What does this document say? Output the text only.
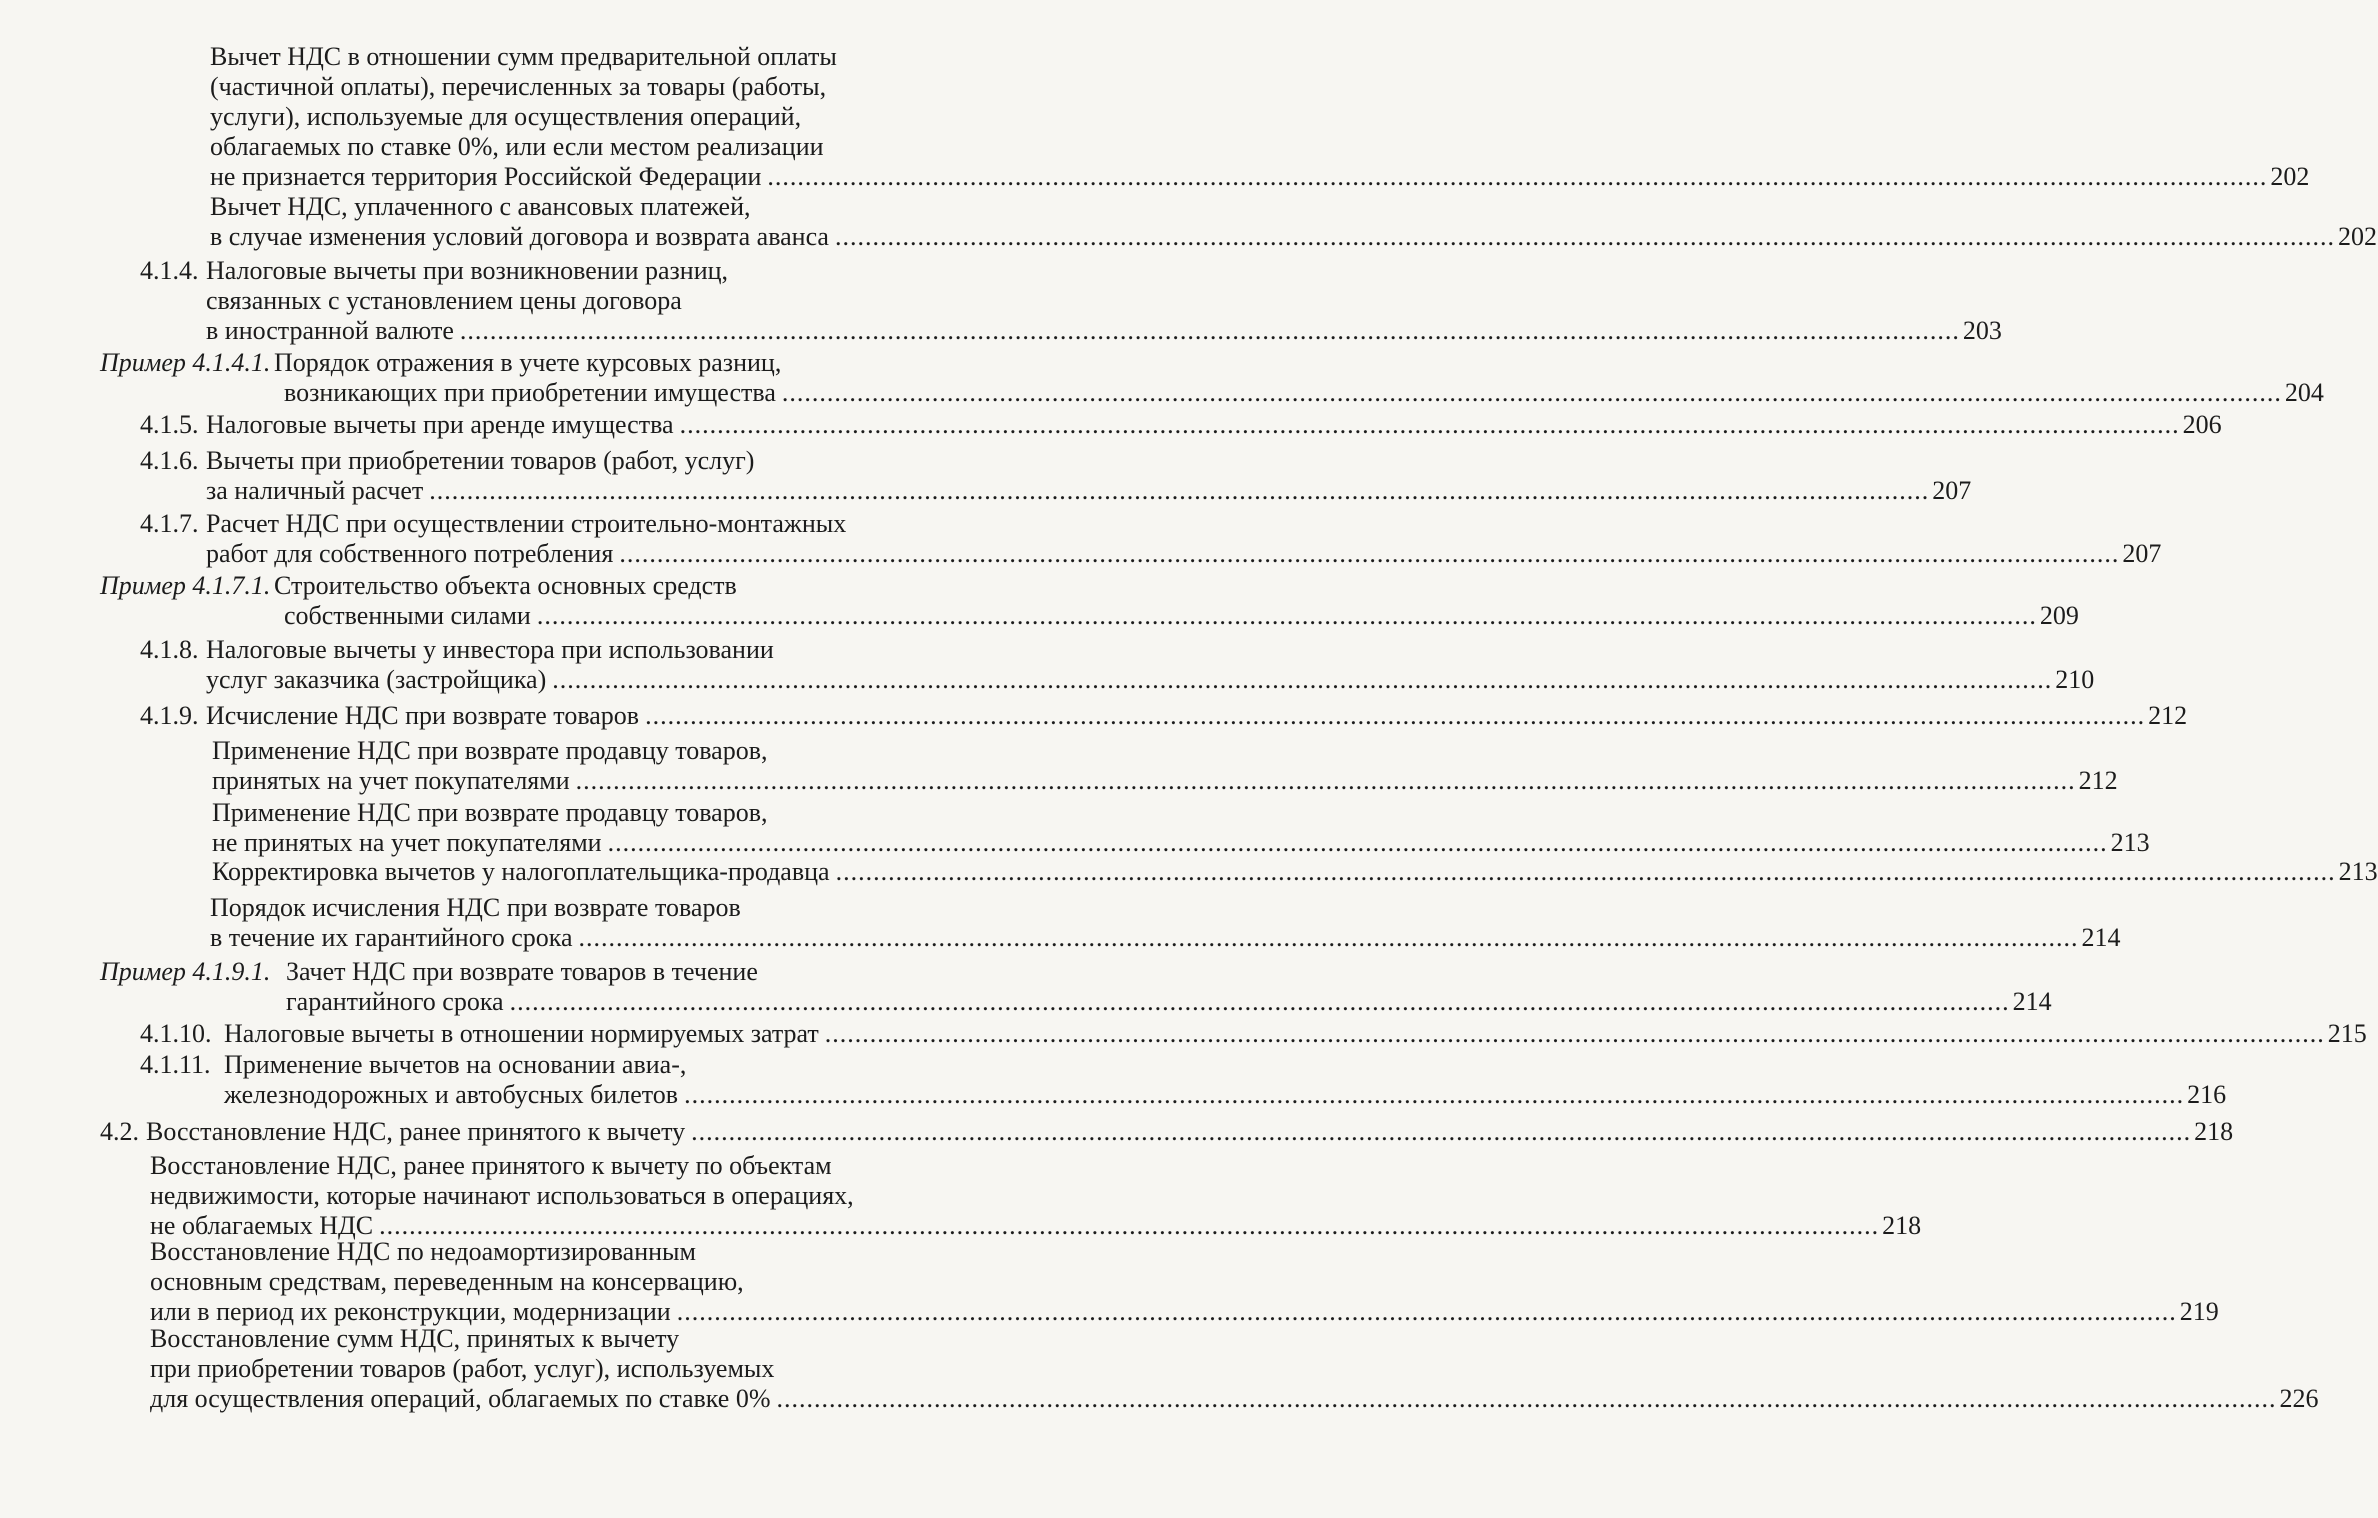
Вычет НДС в отношении сумм предварительной оплаты
(частичной оплаты), перечисленных за товары (работы,
услуги), используемые для осуществления операций,
облагаемых по ставке 0%, или если местом реализации
не признается территория Российской Федерации ........................................................................................................................................................................................................ 202
Вычет НДС, уплаченного с авансовых платежей,
в случае изменения условий договора и возврата аванса ........................................................................................................................................................................................................ 202
4.1.4. Налоговые вычеты при возникновении разниц,
связанных с установлением цены договора
в иностранной валюте ........................................................................................................................................................................................................ 203
Пример 4.1.4.1. Порядок отражения в учете курсовых разниц,
возникающих при приобретении имущества ........................................................................................................................................................................................................ 204
4.1.5. Налоговые вычеты при аренде имущества ........................................................................................................................................................................................................ 206
4.1.6. Вычеты при приобретении товаров (работ, услуг)
за наличный расчет ........................................................................................................................................................................................................ 207
4.1.7. Расчет НДС при осуществлении строительно-монтажных
работ для собственного потребления ........................................................................................................................................................................................................ 207
Пример 4.1.7.1. Строительство объекта основных средств
собственными силами ........................................................................................................................................................................................................ 209
4.1.8. Налоговые вычеты у инвестора при использовании
услуг заказчика (застройщика) ........................................................................................................................................................................................................ 210
4.1.9. Исчисление НДС при возврате товаров ........................................................................................................................................................................................................ 212
Применение НДС при возврате продавцу товаров,
принятых на учет покупателями ........................................................................................................................................................................................................ 212
Применение НДС при возврате продавцу товаров,
не принятых на учет покупателями ........................................................................................................................................................................................................ 213
Корректировка вычетов у налогоплательщика-продавца ........................................................................................................................................................................................................ 213
Порядок исчисления НДС при возврате товаров
в течение их гарантийного срока ........................................................................................................................................................................................................ 214
Пример 4.1.9.1. Зачет НДС при возврате товаров в течение
гарантийного срока ........................................................................................................................................................................................................ 214
4.1.10. Налоговые вычеты в отношении нормируемых затрат ........................................................................................................................................................................................................ 215
4.1.11. Применение вычетов на основании авиа-,
железнодорожных и автобусных билетов ........................................................................................................................................................................................................ 216
4.2. Восстановление НДС, ранее принятого к вычету ........................................................................................................................................................................................................ 218
Восстановление НДС, ранее принятого к вычету по объектам
недвижимости, которые начинают использоваться в операциях,
не облагаемых НДС ........................................................................................................................................................................................................ 218
Восстановление НДС по недоамортизированным
основным средствам, переведенным на консервацию,
или в период их реконструкции, модернизации ........................................................................................................................................................................................................ 219
Восстановление сумм НДС, принятых к вычету
при приобретении товаров (работ, услуг), используемых
для осуществления операций, облагаемых по ставке 0% ........................................................................................................................................................................................................ 226
